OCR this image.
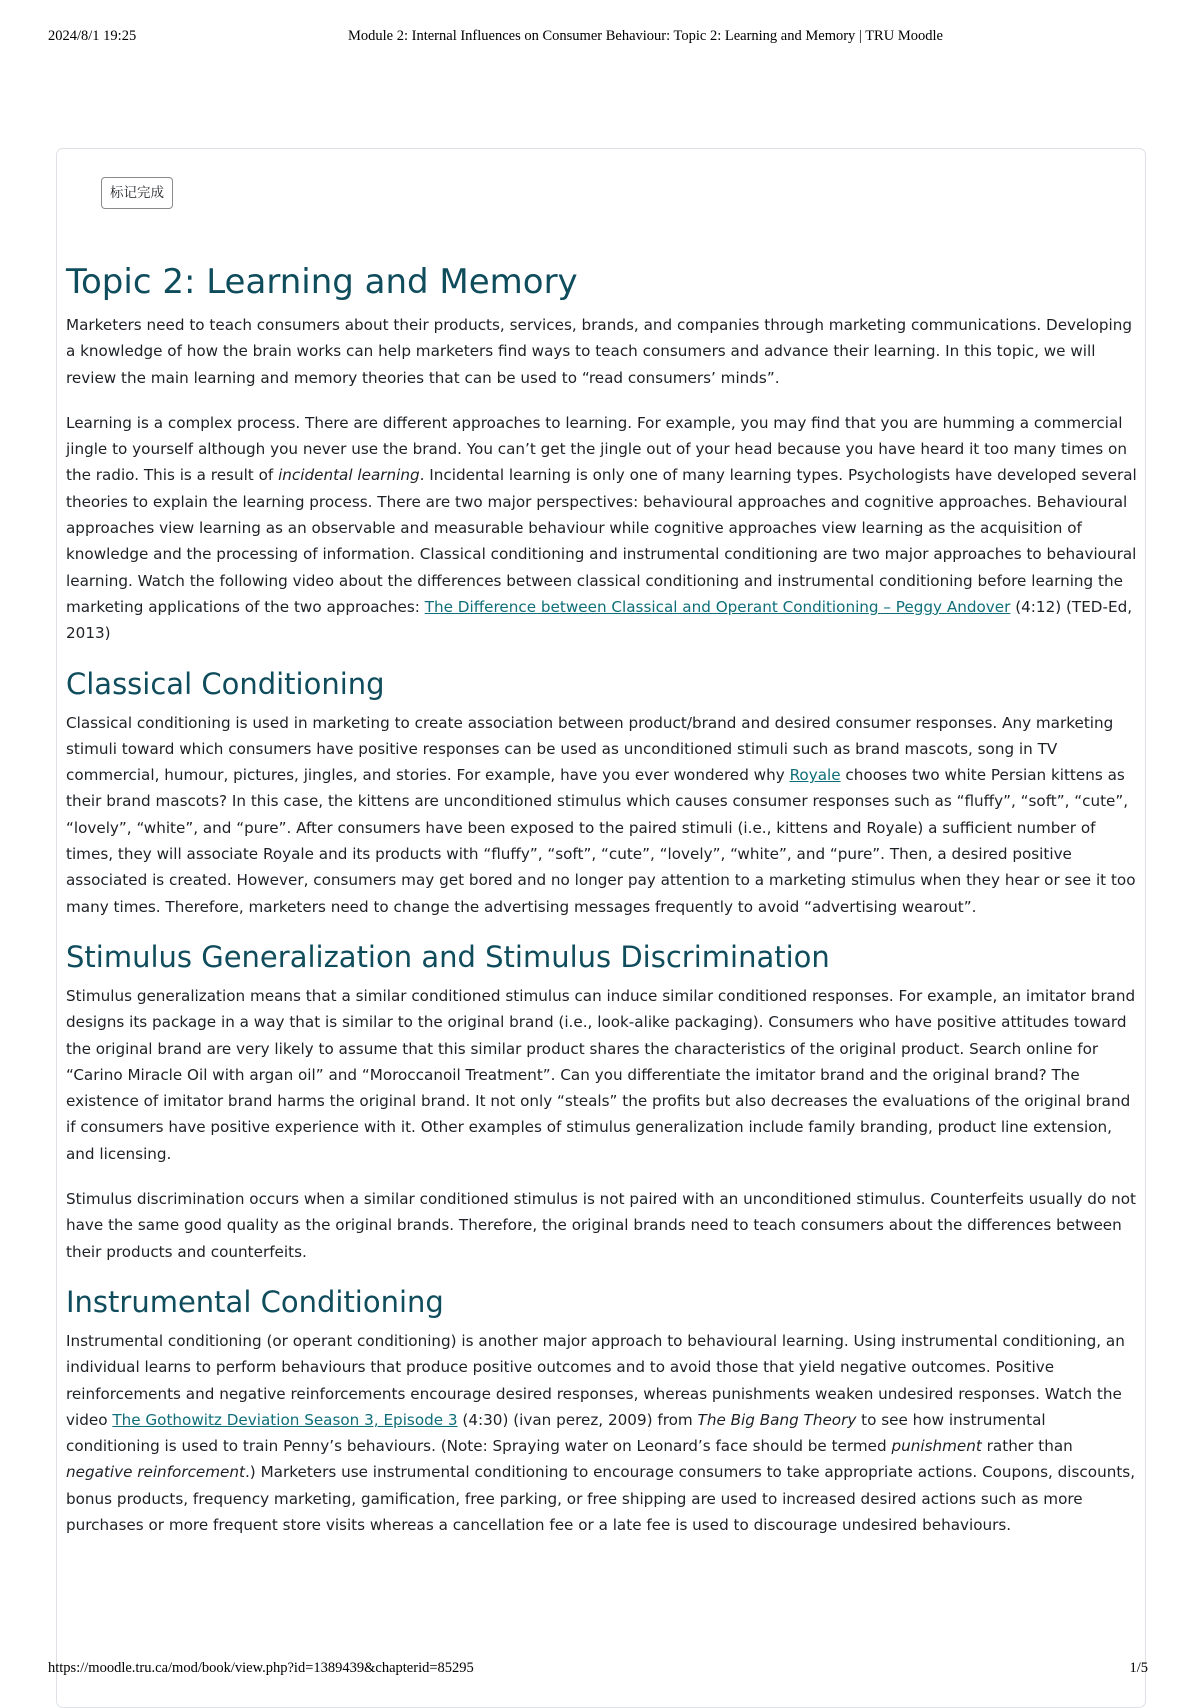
2024/8/1 19:25	Module 2: Internal Influences on Consumer Behaviour: Topic 2: Learning and Memory | TRU Moodle
标记完成
Topic 2: Learning and Memory

Marketers need to teach consumers about their products, services, brands, and companies through marketing communications. Developing a knowledge of how the brain works can help marketers find ways to teach consumers and advance their learning. In this topic, we will review the main learning and memory theories that can be used to “read consumers’ minds”.

Learning is a complex process. There are different approaches to learning. For example, you may find that you are humming a commercial jingle to yourself although you never use the brand. You can’t get the jingle out of your head because you have heard it too many times on the radio. This is a result of incidental learning. Incidental learning is only one of many learning types. Psychologists have developed several theories to explain the learning process. There are two major perspectives: behavioural approaches and cognitive approaches. Behavioural approaches view learning as an observable and measurable behaviour while cognitive approaches view learning as the acquisition of knowledge and the processing of information. Classical conditioning and instrumental conditioning are two major approaches to behavioural learning. Watch the following video about the differences between classical conditioning and instrumental conditioning before learning the marketing applications of the two approaches: The Difference between Classical and Operant Conditioning – Peggy Andover (4:12) (TED-Ed, 2013)

Classical Conditioning

Classical conditioning is used in marketing to create association between product/brand and desired consumer responses. Any marketing stimuli toward which consumers have positive responses can be used as unconditioned stimuli such as brand mascots, song in TV commercial, humour, pictures, jingles, and stories. For example, have you ever wondered why Royale chooses two white Persian kittens as their brand mascots? In this case, the kittens are unconditioned stimulus which causes consumer responses such as “fluffy”, “soft”, “cute”, “lovely”, “white”, and “pure”. After consumers have been exposed to the paired stimuli (i.e., kittens and Royale) a sufficient number of times, they will associate Royale and its products with “fluffy”, “soft”, “cute”, “lovely”, “white”, and “pure”. Then, a desired positive associated is created. However, consumers may get bored and no longer pay attention to a marketing stimulus when they hear or see it too many times. Therefore, marketers need to change the advertising messages frequently to avoid “advertising wearout”.

Stimulus Generalization and Stimulus Discrimination

Stimulus generalization means that a similar conditioned stimulus can induce similar conditioned responses. For example, an imitator brand designs its package in a way that is similar to the original brand (i.e., look-alike packaging). Consumers who have positive attitudes toward the original brand are very likely to assume that this similar product shares the characteristics of the original product. Search online for “Carino Miracle Oil with argan oil” and “Moroccanoil Treatment”. Can you differentiate the imitator brand and the original brand? The existence of imitator brand harms the original brand. It not only “steals” the profits but also decreases the evaluations of the original brand if consumers have positive experience with it. Other examples of stimulus generalization include family branding, product line extension, and licensing.

Stimulus discrimination occurs when a similar conditioned stimulus is not paired with an unconditioned stimulus. Counterfeits usually do not have the same good quality as the original brands. Therefore, the original brands need to teach consumers about the differences between their products and counterfeits.

Instrumental Conditioning

Instrumental conditioning (or operant conditioning) is another major approach to behavioural learning. Using instrumental conditioning, an individual learns to perform behaviours that produce positive outcomes and to avoid those that yield negative outcomes. Positive reinforcements and negative reinforcements encourage desired responses, whereas punishments weaken undesired responses. Watch the video The Gothowitz Deviation Season 3, Episode 3 (4:30) (ivan perez, 2009) from The Big Bang Theory to see how instrumental conditioning is used to train Penny’s behaviours. (Note: Spraying water on Leonard’s face should be termed punishment rather than negative reinforcement.) Marketers use instrumental conditioning to encourage consumers to take appropriate actions. Coupons, discounts, bonus products, frequency marketing, gamification, free parking, or free shipping are used to increased desired actions such as more purchases or more frequent store visits whereas a cancellation fee or a late fee is used to discourage undesired behaviours.

https://moodle.tru.ca/mod/book/view.php?id=1389439&chapterid=85295	1/5
